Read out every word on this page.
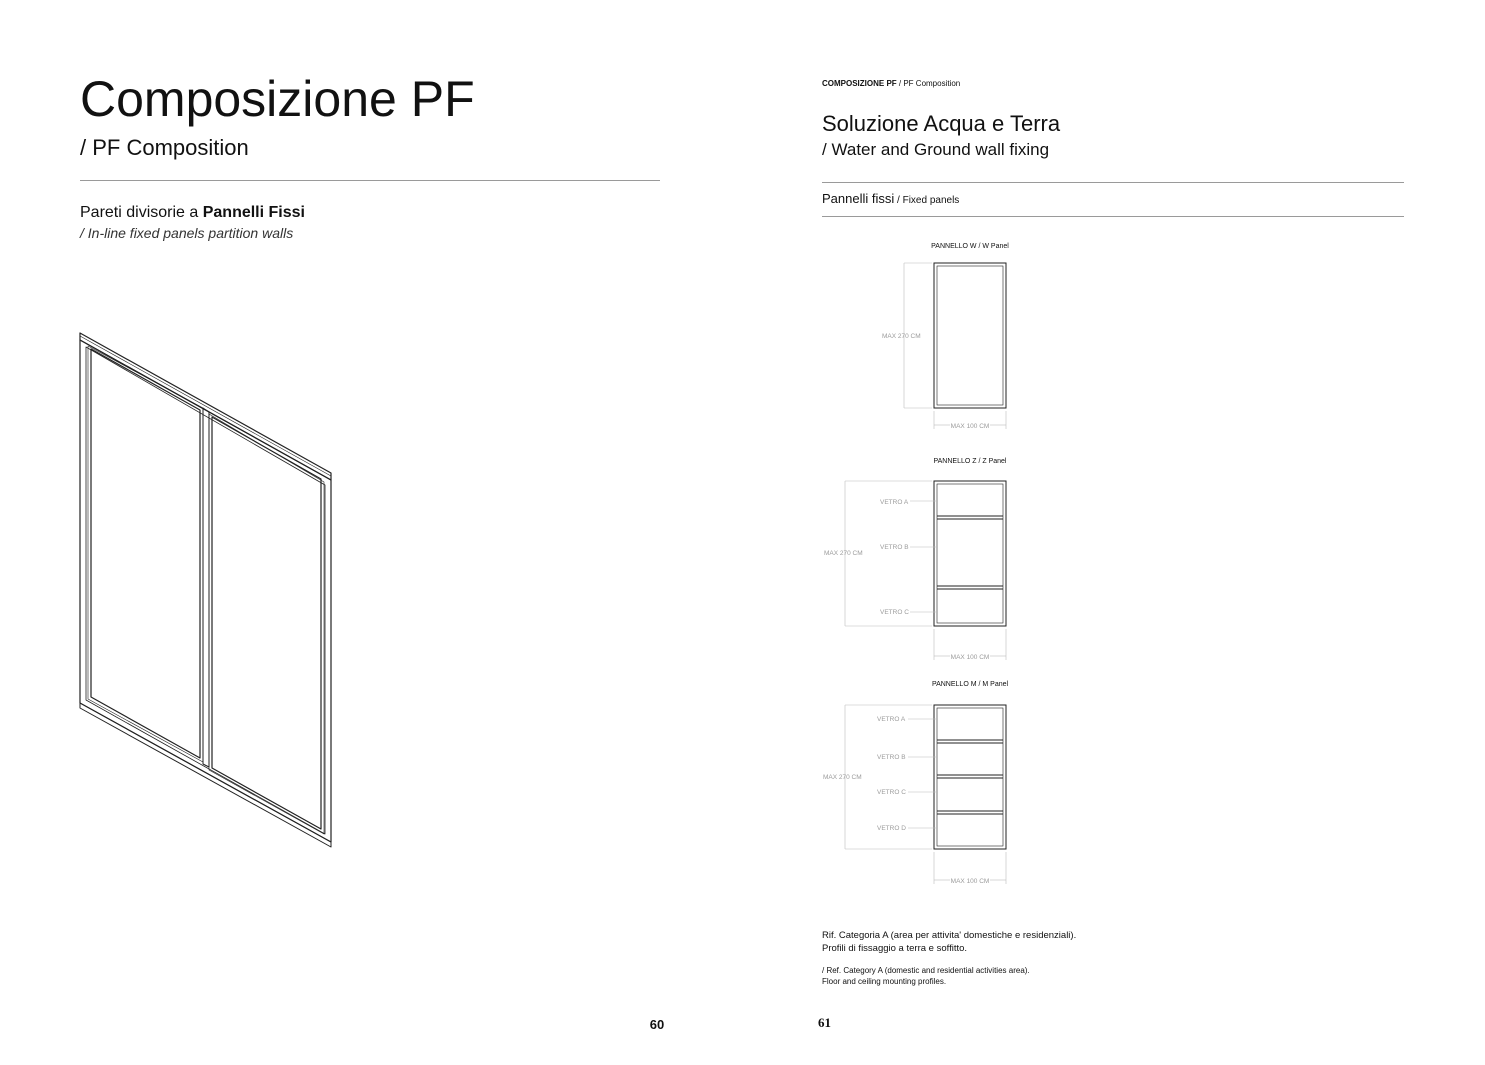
Composizione PF
/ PF Composition
Pareti divisorie a Pannelli Fissi
/ In-line fixed panels partition walls
60
COMPOSIZIONE PF / PF Composition
Soluzione Acqua e Terra
/ Water and Ground wall fixing
Pannelli fissi / Fixed panels
PANNELLO W / W Panel
PANNELLO Z / Z Panel
PANNELLO M / M Panel
MAX 270 CM
MAX 100 CM
MAX 270 CM
VETRO A
VETRO B
VETRO C
MAX 100 CM
MAX 270 CM
VETRO A
VETRO B
VETRO C
VETRO D
MAX 100 CM
Rif. Categoria A (area per attivita' domestiche e residenziali).
Profili di fissaggio a terra e soffitto.
/ Ref. Category A (domestic and residential activities area).
Floor and ceiling mounting profiles.
61
